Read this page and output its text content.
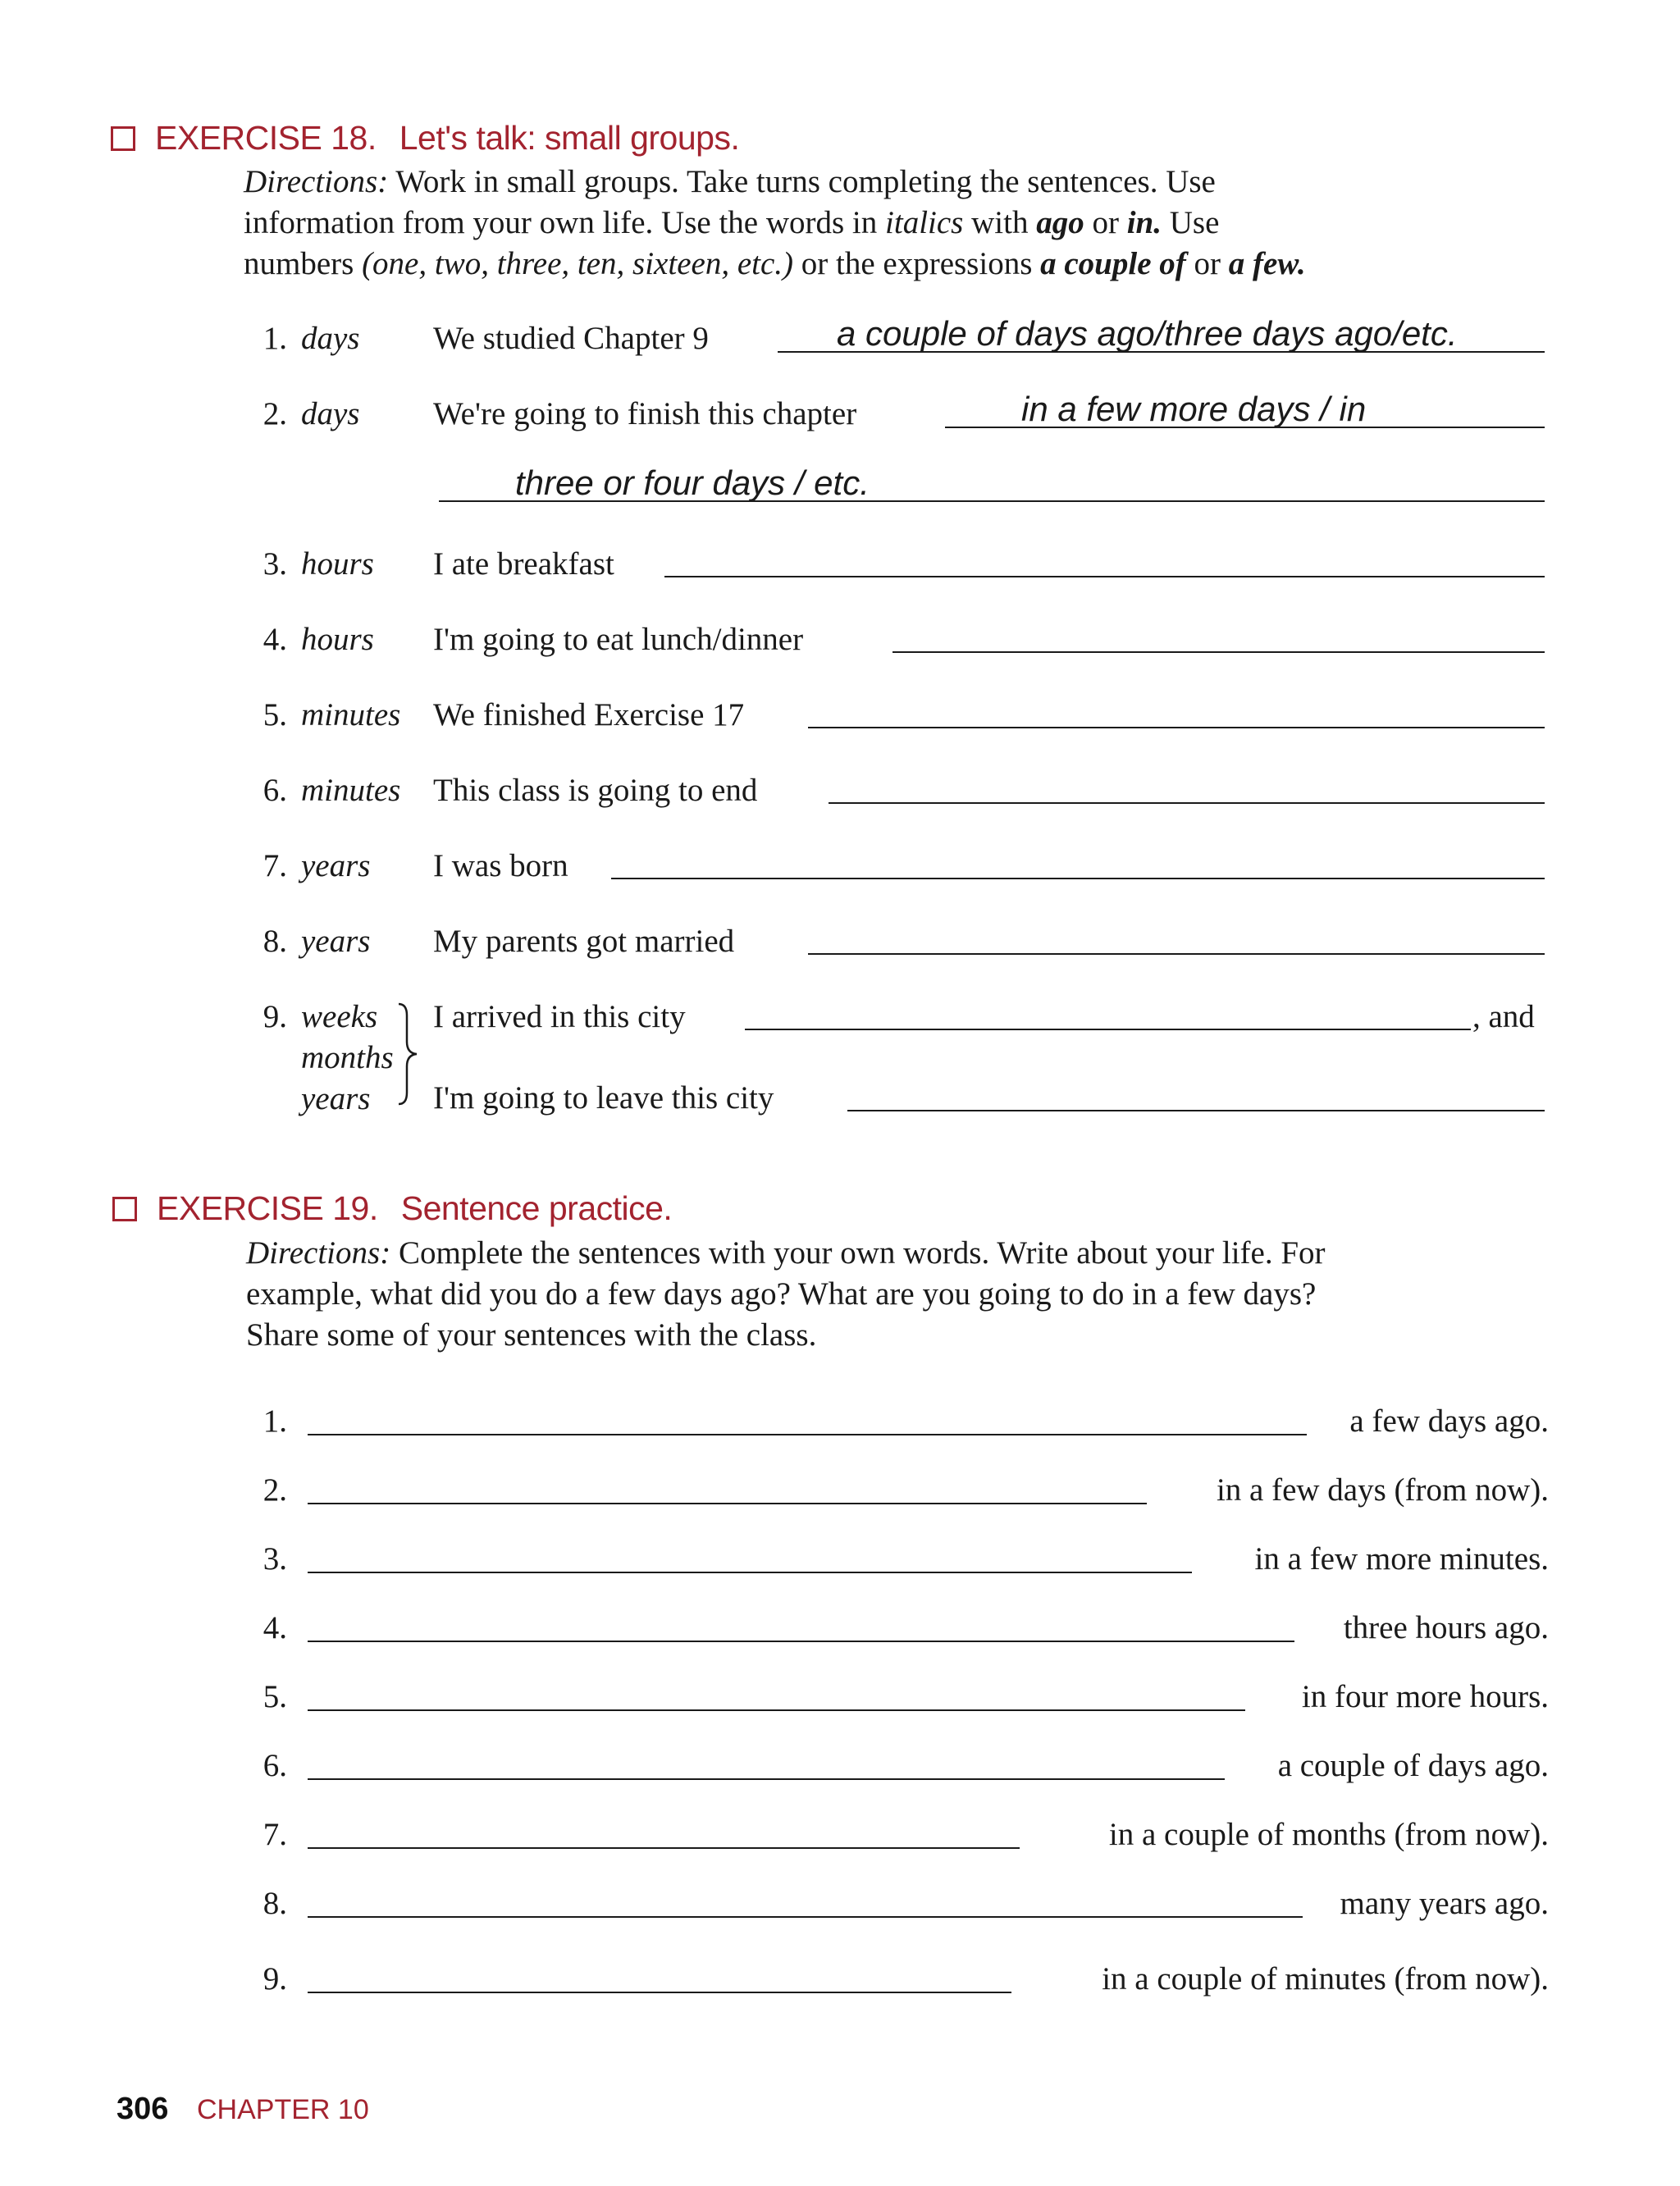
EXERCISE 18. Let's talk: small groups.
Directions: Work in small groups. Take turns completing the sentences. Use
information from your own life. Use the words in italics with ago or in. Use
numbers (one, two, three, ten, sixteen, etc.) or the expressions a couple of or a few.
1. days We studied Chapter 9	a couple of days ago/three days ago/etc.
2. days We're going to finish this chapter	in a few more days / in
three or four days / etc.
3. hours I ate breakfast
4. hours I'm going to eat lunch/dinner
5. minutes We finished Exercise 17
6. minutes This class is going to end
7. years I was born
8. years My parents got married
9. weeks
months
years
I arrived in this city	, and
I'm going to leave this city
EXERCISE 19. Sentence practice.
Directions: Complete the sentences with your own words. Write about your life. For
example, what did you do a few days ago? What are you going to do in a few days?
Share some of your sentences with the class.
1.	a few days ago.
2.	in a few days (from now).
3.	in a few more minutes.
4.	three hours ago.
5.	in four more hours.
6.	a couple of days ago.
7.	in a couple of months (from now).
8.	many years ago.
9.	in a couple of minutes (from now).
306 CHAPTER 10
